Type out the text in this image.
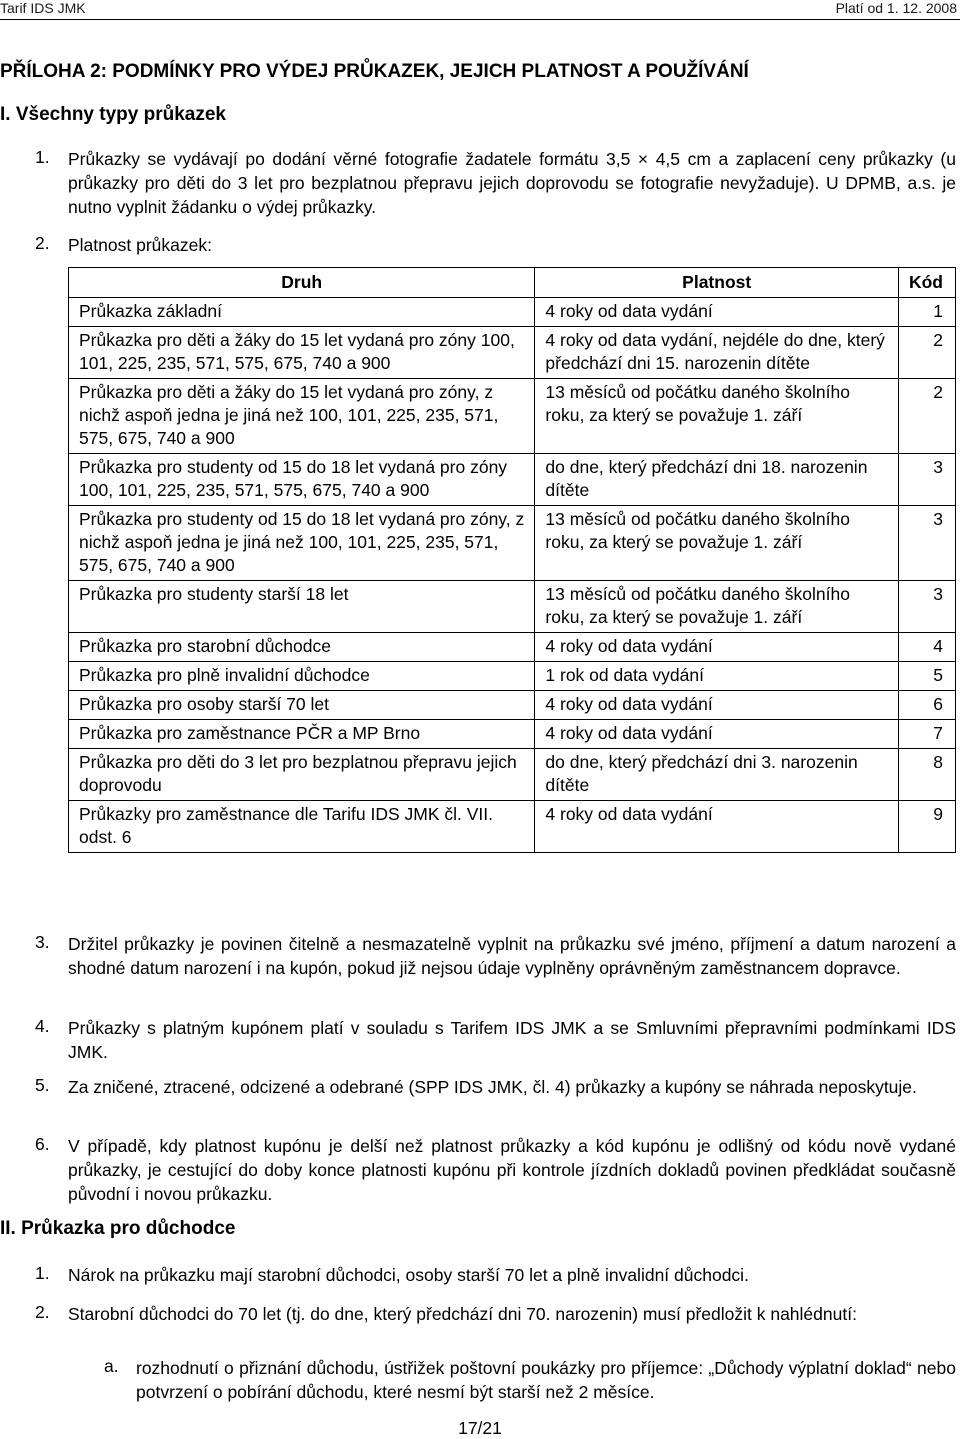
Tarif IDS JMK	Platí od 1. 12. 2008
PŘÍLOHA 2: PODMÍNKY PRO VÝDEJ PRŮKAZEK, JEJICH PLATNOST A POUŽÍVÁNÍ
I. Všechny typy průkazek
1.	Průkazky se vydávají po dodání věrné fotografie žadatele formátu 3,5 × 4,5 cm a zaplacení ceny průkazky (u průkazky pro děti do 3 let pro bezplatnou přepravu jejich doprovodu se fotografie nevyžaduje). U DPMB, a.s. je nutno vyplnit žádanku o výdej průkazky.
2.	Platnost průkazek:
Druh	Platnost	Kód
Průkazka základní	4 roky od data vydání	1
Průkazka pro děti a žáky do 15 let vydaná pro zóny 100, 101, 225, 235, 571, 575, 675, 740 a 900	4 roky od data vydání, nejdéle do dne, který předchází dni 15. narozenin dítěte	2
Průkazka pro děti a žáky do 15 let vydaná pro zóny, z nichž aspoň jedna je jiná než 100, 101, 225, 235, 571, 575, 675, 740 a 900	13 měsíců od počátku daného školního roku, za který se považuje 1. září	2
Průkazka pro studenty od 15 do 18 let vydaná pro zóny 100, 101, 225, 235, 571, 575, 675, 740 a 900	do dne, který předchází dni 18. narozenin dítěte	3
Průkazka pro studenty od 15 do 18 let vydaná pro zóny, z nichž aspoň jedna je jiná než 100, 101, 225, 235, 571, 575, 675, 740 a 900	13 měsíců od počátku daného školního roku, za který se považuje 1. září	3
Průkazka pro studenty starší 18 let	13 měsíců od počátku daného školního roku, za který se považuje 1. září	3
Průkazka pro starobní důchodce	4 roky od data vydání	4
Průkazka pro plně invalidní důchodce	1 rok od data vydání	5
Průkazka pro osoby starší 70 let	4 roky od data vydání	6
Průkazka pro zaměstnance PČR a MP Brno	4 roky od data vydání	7
Průkazka pro děti do 3 let pro bezplatnou přepravu jejich doprovodu	do dne, který předchází dni 3. narozenin dítěte	8
Průkazky pro zaměstnance dle Tarifu IDS JMK čl. VII. odst. 6	4 roky od data vydání	9
3.	Držitel průkazky je povinen čitelně a nesmazatelně vyplnit na průkazku své jméno, příjmení a datum narození a shodné datum narození i na kupón, pokud již nejsou údaje vyplněny oprávněným zaměstnancem dopravce.
4.	Průkazky s platným kupónem platí v souladu s Tarifem IDS JMK a se Smluvními přepravními podmínkami IDS JMK.
5.	Za zničené, ztracené, odcizené a odebrané (SPP IDS JMK, čl. 4) průkazky a kupóny se náhrada neposkytuje.
6.	V případě, kdy platnost kupónu je delší než platnost průkazky a kód kupónu je odlišný od kódu nově vydané průkazky, je cestující do doby konce platnosti kupónu při kontrole jízdních dokladů povinen předkládat současně původní i novou průkazku.
II. Průkazka pro důchodce
1.	Nárok na průkazku mají starobní důchodci, osoby starší 70 let a plně invalidní důchodci.
2.	Starobní důchodci do 70 let (tj. do dne, který předchází dni 70. narozenin) musí předložit k nahlédnutí:
a. rozhodnutí o přiznání důchodu, ústřižek poštovní poukázky pro příjemce: „Důchody výplatní doklad“ nebo potvrzení o pobírání důchodu, které nesmí být starší než 2 měsíce.
17/21
